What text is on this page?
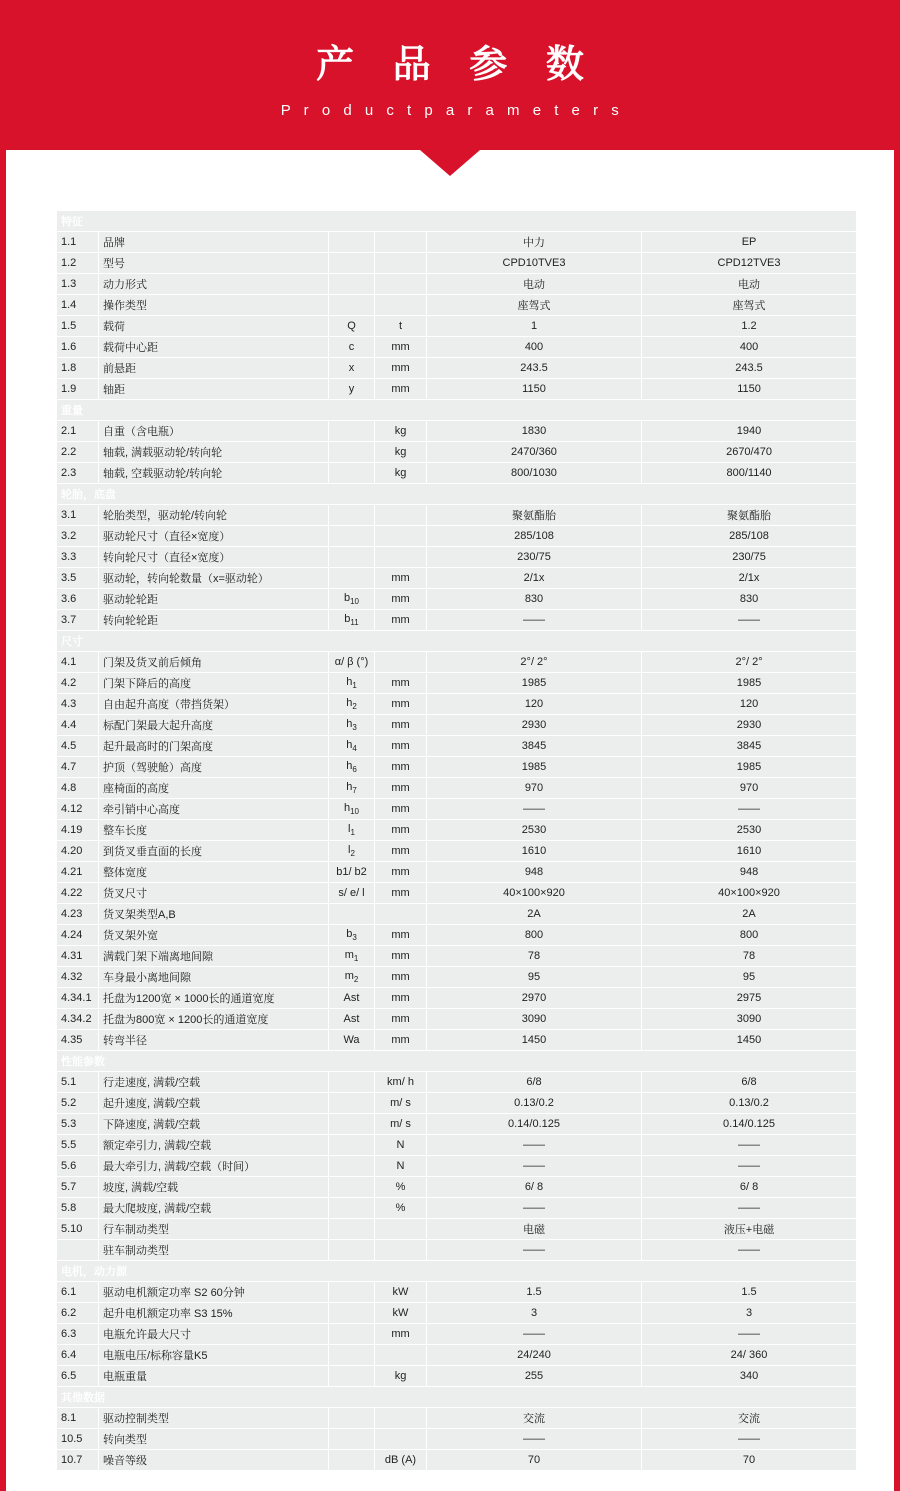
产 品 参 数
P r o d u c t p a r a m e t e r s
特征					
1.1	品牌			中力	EP
1.2	型号			CPD10TVE3	CPD12TVE3
1.3	动力形式			电动	电动
1.4	操作类型			座驾式	座驾式
1.5	载荷	Q	t	1	1.2
1.6	载荷中心距	c	mm	400	400
1.8	前悬距	x	mm	243.5	243.5
1.9	轴距	y	mm	1150	1150
重量					
2.1	自重（含电瓶）		kg	1830	1940
2.2	轴载, 满载驱动轮/转向轮		kg	2470/360	2670/470
2.3	轴载, 空载驱动轮/转向轮		kg	800/1030	800/1140
轮胎，底盘					
3.1	轮胎类型，驱动轮/转向轮			聚氨酯胎	聚氨酯胎
3.2	驱动轮尺寸（直径×宽度）			285/108	285/108
3.3	转向轮尺寸（直径×宽度）			230/75	230/75
3.5	驱动轮，转向轮数量（x=驱动轮）		mm	2/1x	2/1x
3.6	驱动轮轮距	$b_{10}$	mm	830	830
3.7	转向轮轮距	$b_{11}$	mm	——	——
尺寸					
4.1	门架及货叉前后倾角	α/ β (°)		2°/ 2°	2°/ 2°
4.2	门架下降后的高度	$h_1$	mm	1985	1985
4.3	自由起升高度（带挡货架）	$h_2$	mm	120	120
4.4	标配门架最大起升高度	$h_3$	mm	2930	2930
4.5	起升最高时的门架高度	$h_4$	mm	3845	3845
4.7	护顶（驾驶舱）高度	$h_6$	mm	1985	1985
4.8	座椅面的高度	$h_7$	mm	970	970
4.12	牵引销中心高度	$h_{10}$	mm	——	——
4.19	整车长度	$l_1$	mm	2530	2530
4.20	到货叉垂直面的长度	$l_2$	mm	1610	1610
4.21	整体宽度	b1/ b2	mm	948	948
4.22	货叉尺寸	s/ e/ l	mm	40×100×920	40×100×920
4.23	货叉架类型A,B			2A	2A
4.24	货叉架外宽	$b_3$	mm	800	800
4.31	满载门架下端离地间隙	$m_1$	mm	78	78
4.32	车身最小离地间隙	$m_2$	mm	95	95
4.34.1	托盘为1200宽 × 1000长的通道宽度	Ast	mm	2970	2975
4.34.2	托盘为800宽 × 1200长的通道宽度	Ast	mm	3090	3090
4.35	转弯半径	Wa	mm	1450	1450
性能参数					
5.1	行走速度, 满载/空载		km/ h	6/8	6/8
5.2	起升速度, 满载/空载		m/ s	0.13/0.2	0.13/0.2
5.3	下降速度, 满载/空载		m/ s	0.14/0.125	0.14/0.125
5.5	额定牵引力, 满载/空载		N	——	——
5.6	最大牵引力, 满载/空载（时间）		N	——	——
5.7	坡度, 满载/空载		%	6/ 8	6/ 8
5.8	最大爬坡度, 满载/空载		%	——	——
5.10	行车制动类型			电磁	液压+电磁
	驻车制动类型			——	——
电机，动力源					
6.1	驱动电机额定功率 S2 60分钟		kW	1.5	1.5
6.2	起升电机额定功率 S3 15%		kW	3	3
6.3	电瓶允许最大尺寸		mm	——	——
6.4	电瓶电压/标称容量K5			24/240	24/ 360
6.5	电瓶重量		kg	255	340
其他数据					
8.1	驱动控制类型			交流	交流
10.5	转向类型			——	——
10.7	噪音等级		dB (A)	70	70
